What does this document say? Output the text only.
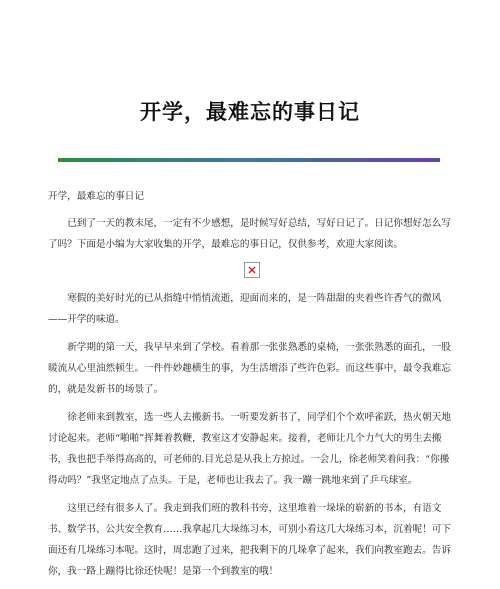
开学，最难忘的事日记

开学，最难忘的事日记

已到了一天的教末尾，一定有不少感想，是时候写好总结，写好日记了。日记你想好怎么写了吗？下面是小编为大家收集的开学，最难忘的事日记，仅供参考，欢迎大家阅读。

寒假的美好时光的已从指缝中悄悄流逝，迎面而来的，是一阵甜甜的夹着些许香气的微风——开学的味道。

新学期的第一天，我早早来到了学校。看着那一张张熟悉的桌椅，一张张熟悉的面孔，一股暖流从心里油然顿生。一件件妙趣横生的事，为生活增添了些许色彩。而这些事中，最令我难忘的，就是发新书的场景了。

徐老师来到教室，选一些人去搬新书。一听要发新书了，同学们个个欢呼雀跃，热火朝天地讨论起来。老师“啪啪”挥舞着教鞭，教室这才安静起来。接着，老师让几个力气大的男生去搬书，我也把手举得高高的，可老师的.目光总是从我上方掠过。一会儿，徐老师笑着问我：“你搬得动吗？”我坚定地点了点头。于是，老师也让我去了。我一蹦一跳地来到了乒乓球室。

这里已经有很多人了。我走到我们班的教科书旁，这里堆着一垛垛的崭新的书本，有语文书、数学书、公共安全教育……我拿起几大垛练习本，可别小看这几大垛练习本，沉着呢！可下面还有几垛练习本呢。这时，周忠跑了过来，把我剩下的几垛拿了起来，我们向教室跑去。告诉你，我一路上蹦得比徐还快呢！是第一个到教室的哦！
